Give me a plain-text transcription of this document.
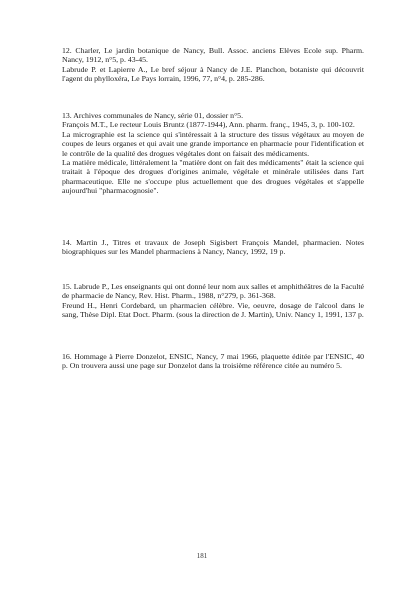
12. Charler, Le jardin botanique de Nancy, Bull. Assoc. anciens Elèves Ecole sup. Pharm. Nancy, 1912, n°5, p. 43-45.

Labrude P. et Lapierre A., Le bref séjour à Nancy de J.E. Planchon, botaniste qui découvrit l'agent du phylloxéra, Le Pays lorrain, 1996, 77, n°4, p. 285-286.

13. Archives communales de Nancy, série 01, dossier n°5.

François M.T., Le recteur Louis Bruntz (1877-1944), Ann. pharm. franç., 1945, 3, p. 100-102.

La micrographie est la science qui s'intéressait à la structure des tissus végétaux au moyen de coupes de leurs organes et qui avait une grande importance en pharmacie pour l'identification et le contrôle de la qualité des drogues végétales dont on faisait des médicaments.

La matière médicale, littéralement la "matière dont on fait des médicaments" était la science qui traitait à l'époque des drogues d'origines animale, végétale et minérale utilisées dans l'art pharmaceutique. Elle ne s'occupe plus actuellement que des drogues végétales et s'appelle aujourd'hui "pharmacognosie".

14. Martin J., Titres et travaux de Joseph Sigisbert François Mandel, pharmacien. Notes biographiques sur les Mandel pharmaciens à Nancy, Nancy, 1992, 19 p.

15. Labrude P., Les enseignants qui ont donné leur nom aux salles et amphithéâtres de la Faculté de pharmacie de Nancy, Rev. Hist. Pharm., 1988, n°279, p. 361-368.

Freund H., Henri Cordebard, un pharmacien célèbre. Vie, oeuvre, dosage de l'alcool dans le sang, Thèse Dipl. Etat Doct. Pharm. (sous la direction de J. Martin), Univ. Nancy 1, 1991, 137 p.

16. Hommage à Pierre Donzelot, ENSIC, Nancy, 7 mai 1966, plaquette éditée par l'ENSIC, 40 p. On trouvera aussi une page sur Donzelot dans la troisième référence citée au numéro 5.

181
